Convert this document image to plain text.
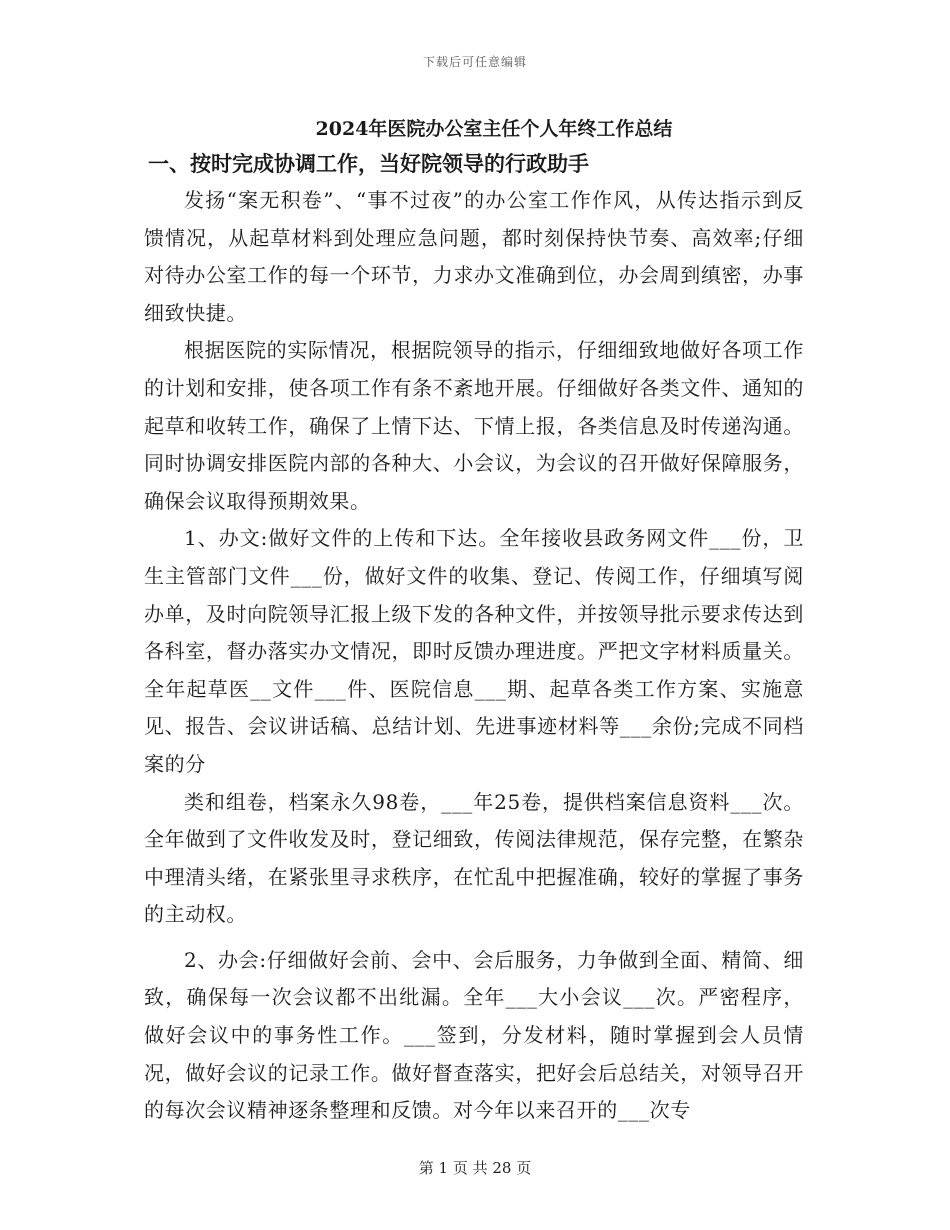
下载后可任意编辑
2024年医院办公室主任个人年终工作总结
一、按时完成协调工作，当好院领导的行政助手

发扬“案无积卷”、“事不过夜”的办公室工作作风，从传达指示到反馈情况，从起草材料到处理应急问题，都时刻保持快节奏、高效率;仔细对待办公室工作的每一个环节，力求办文准确到位，办会周到缜密，办事细致快捷。

根据医院的实际情况，根据院领导的指示，仔细细致地做好各项工作的计划和安排，使各项工作有条不紊地开展。仔细做好各类文件、通知的起草和收转工作，确保了上情下达、下情上报，各类信息及时传递沟通。同时协调安排医院内部的各种大、小会议，为会议的召开做好保障服务，确保会议取得预期效果。

1、办文:做好文件的上传和下达。全年接收县政务网文件___份，卫生主管部门文件___份，做好文件的收集、登记、传阅工作，仔细填写阅办单，及时向院领导汇报上级下发的各种文件，并按领导批示要求传达到各科室，督办落实办文情况，即时反馈办理进度。严把文字材料质量关。全年起草医__文件___件、医院信息___期、起草各类工作方案、实施意见、报告、会议讲话稿、总结计划、先进事迹材料等___余份;完成不同档案的分

类和组卷，档案永久98卷，___年25卷，提供档案信息资料___次。全年做到了文件收发及时，登记细致，传阅法律规范，保存完整，在繁杂中理清头绪，在紧张里寻求秩序，在忙乱中把握准确，较好的掌握了事务的主动权。

2、办会:仔细做好会前、会中、会后服务，力争做到全面、精简、细致，确保每一次会议都不出纰漏。全年___大小会议___次。严密程序，做好会议中的事务性工作。___签到，分发材料，随时掌握到会人员情况，做好会议的记录工作。做好督查落实，把好会后总结关，对领导召开的每次会议精神逐条整理和反馈。对今年以来召开的___次专

第 1 页 共 28 页
